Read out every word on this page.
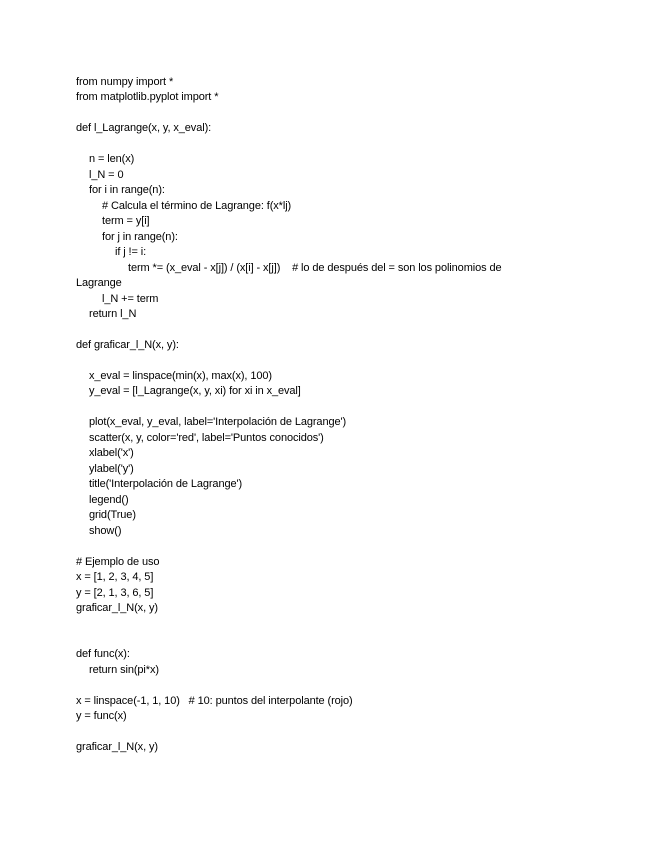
from numpy import *
from matplotlib.pyplot import *
def l_Lagrange(x, y, x_eval):
n = len(x)
l_N = 0
for i in range(n):
# Calcula el término de Lagrange: f(x*lj)
term = y[i]
for j in range(n):
if j != i:
term *= (x_eval - x[j]) / (x[i] - x[j])    # lo de después del = son los polinomios de
Lagrange
l_N += term
return l_N
def graficar_l_N(x, y):
x_eval = linspace(min(x), max(x), 100)
y_eval = [l_Lagrange(x, y, xi) for xi in x_eval]
plot(x_eval, y_eval, label='Interpolación de Lagrange')
scatter(x, y, color='red', label='Puntos conocidos')
xlabel('x')
ylabel('y')
title('Interpolación de Lagrange')
legend()
grid(True)
show()
# Ejemplo de uso
x = [1, 2, 3, 4, 5]
y = [2, 1, 3, 6, 5]
graficar_l_N(x, y)
def func(x):
return sin(pi*x)
x = linspace(-1, 1, 10)   # 10: puntos del interpolante (rojo)
y = func(x)
graficar_l_N(x, y)
